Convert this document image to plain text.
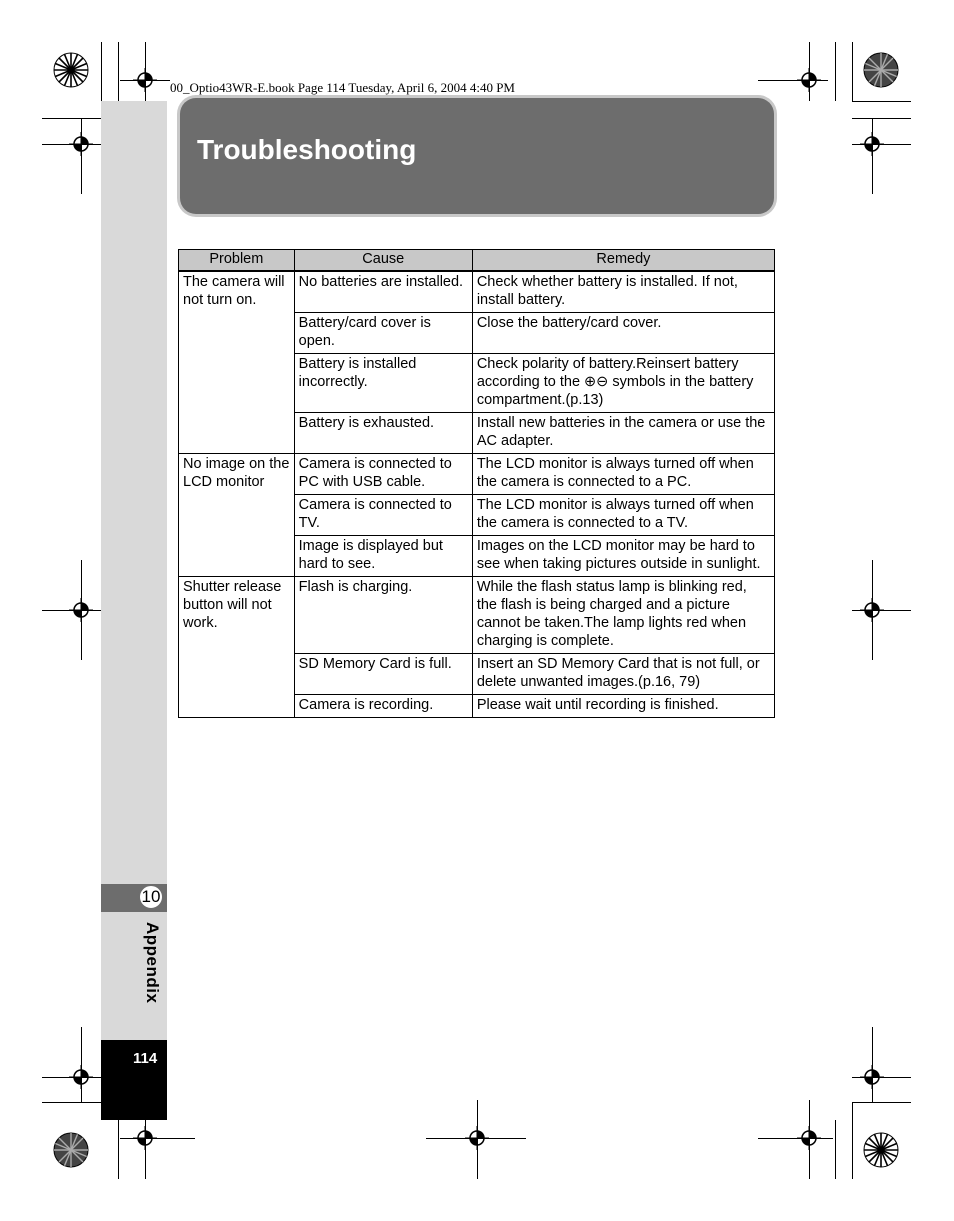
00_Optio43WR-E.book Page 114 Tuesday, April 6, 2004 4:40 PM
10
Appendix
114
Troubleshooting
Problem	Cause	Remedy
The camera will not turn on.	No batteries are installed.	Check whether battery is installed. If not, install battery.
	Battery/card cover is open.	Close the battery/card cover.
	Battery is installed incorrectly.	Check polarity of battery.Reinsert battery according to the ⊕⊖ symbols in the battery compartment.(p.13)
	Battery is exhausted.	Install new batteries in the camera or use the AC adapter.
No image on the LCD monitor	Camera is connected to PC with USB cable.	The LCD monitor is always turned off when the camera is connected to a PC.
	Camera is connected to TV.	The LCD monitor is always turned off when the camera is connected to a TV.
	Image is displayed but hard to see.	Images on the LCD monitor may be hard to see when taking pictures outside in sunlight.
Shutter release button will not work.	Flash is charging.	While the flash status lamp is blinking red, the flash is being charged and a picture cannot be taken.The lamp lights red when charging is complete.
	SD Memory Card is full.	Insert an SD Memory Card that is not full, or delete unwanted images.(p.16, 79)
	Camera is recording.	Please wait until recording is finished.
